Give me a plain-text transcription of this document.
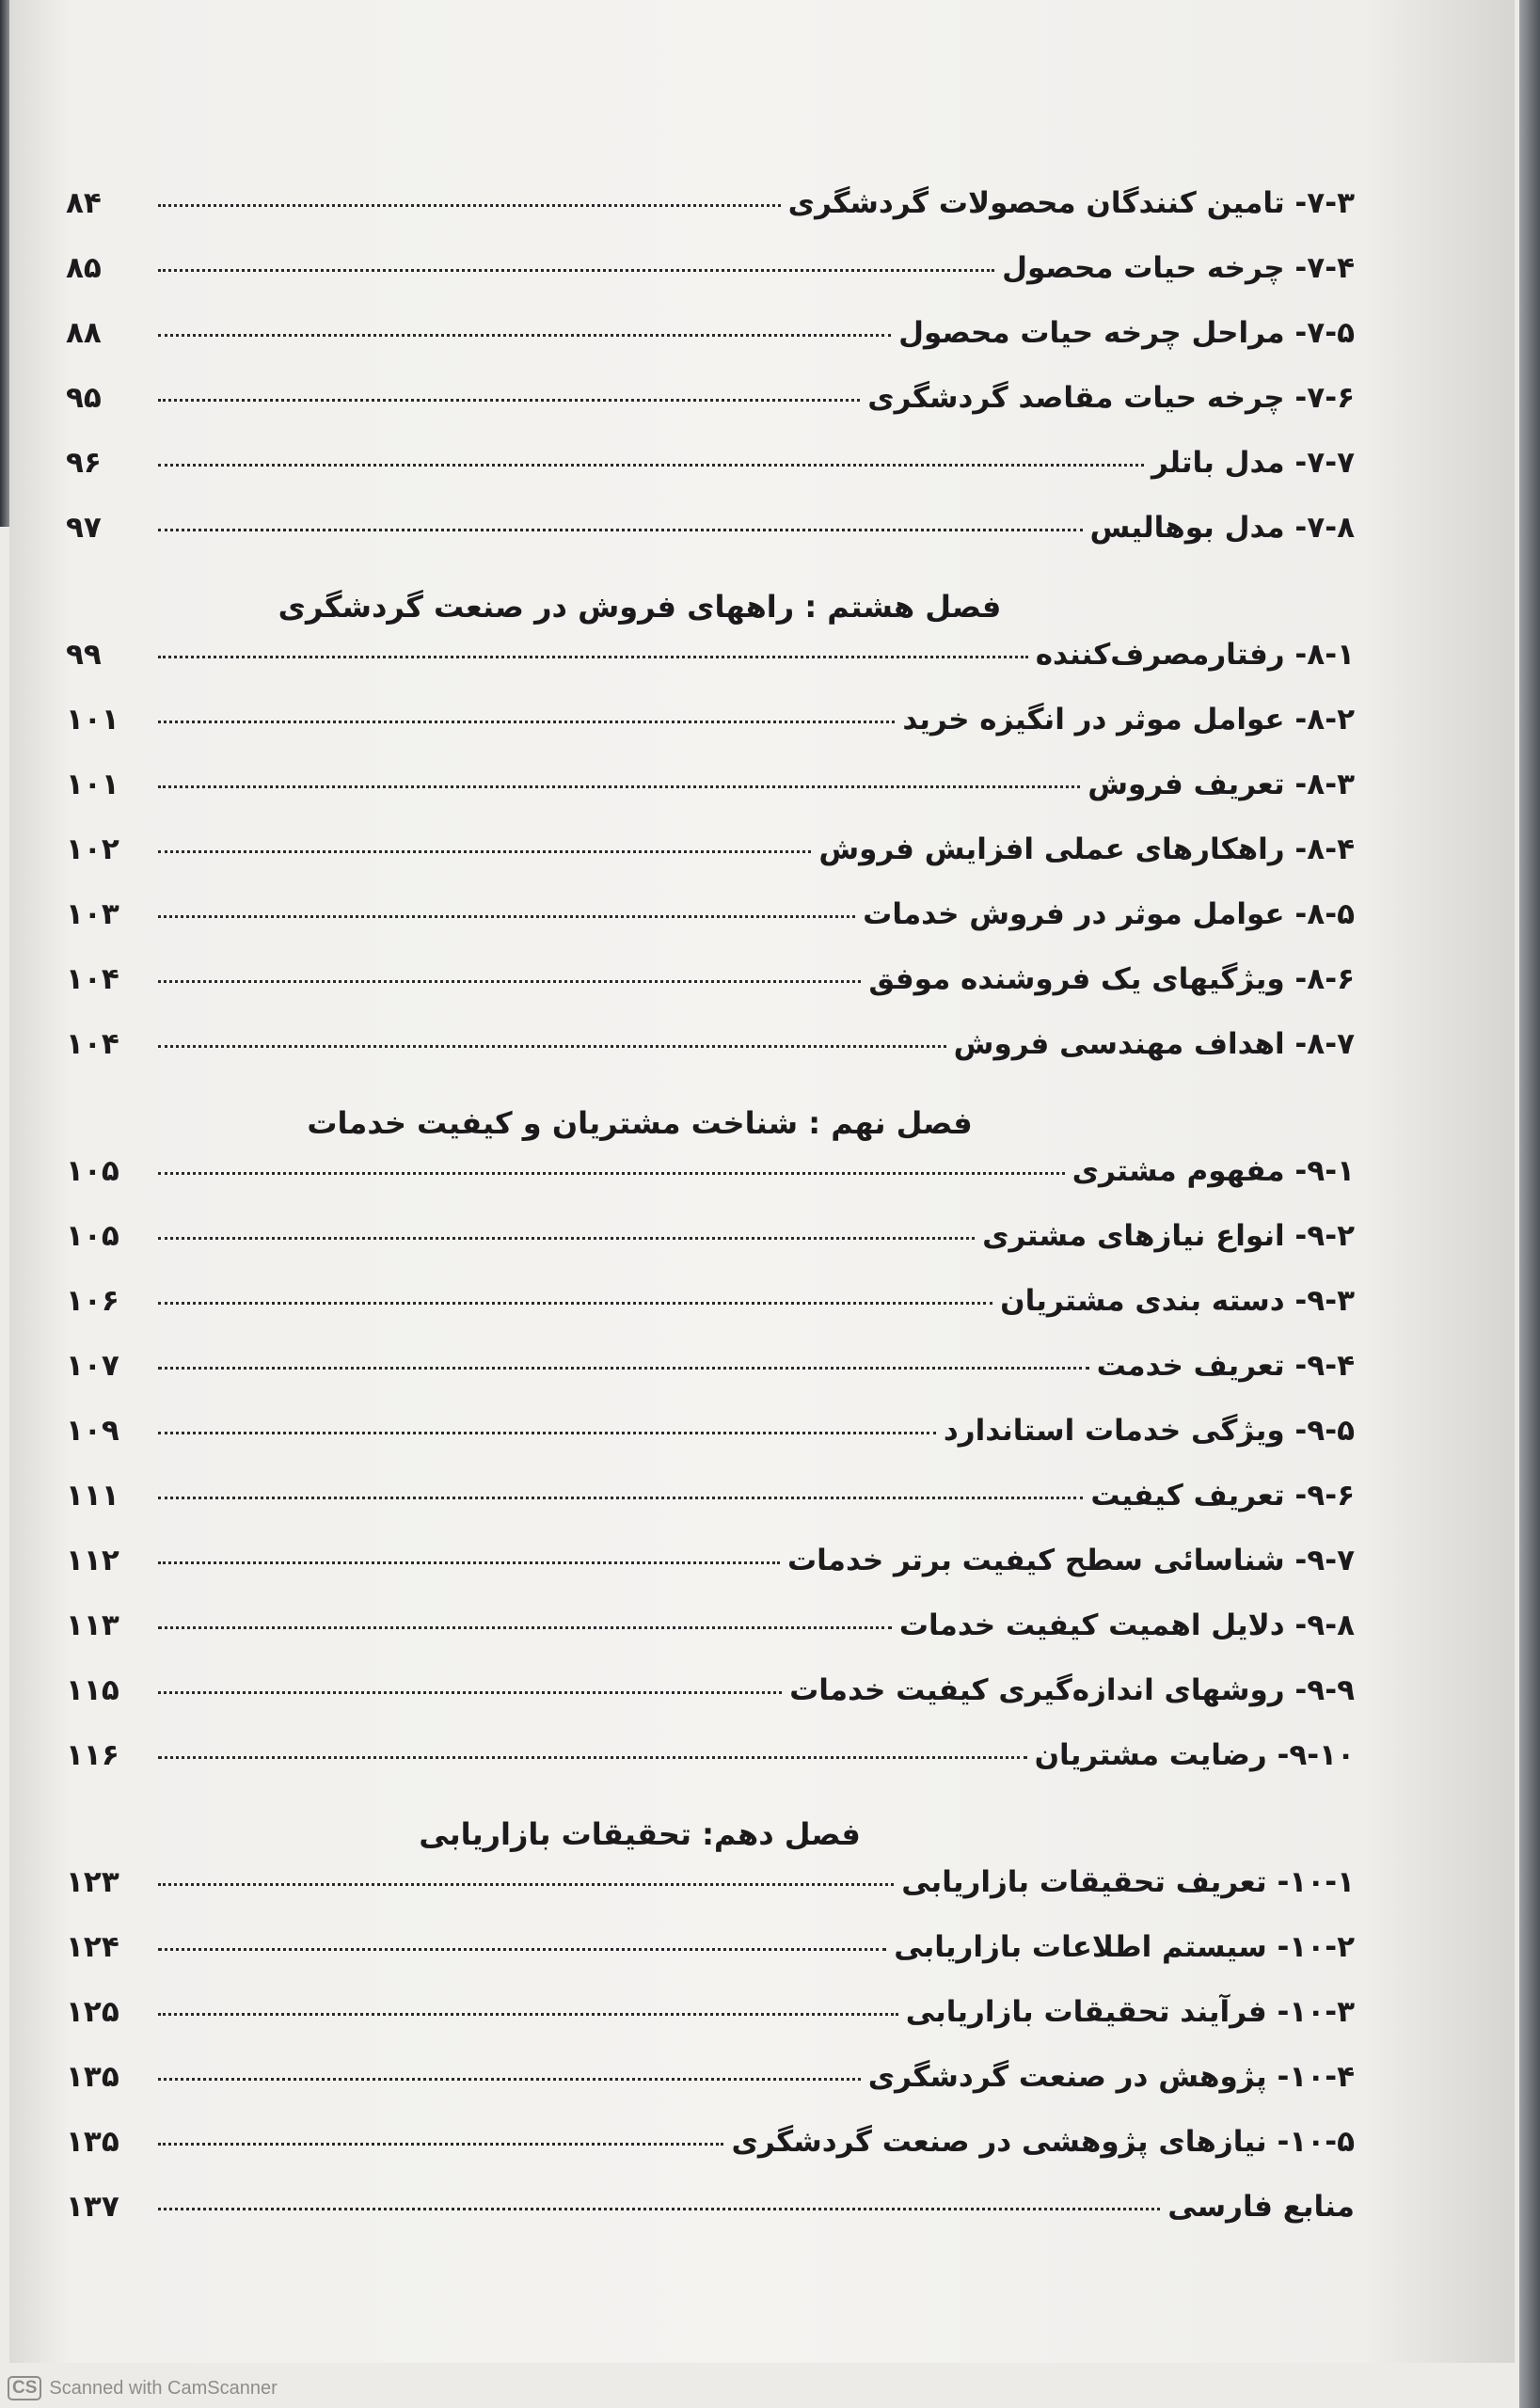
۷-۳- تامین کنندگان محصولات گردشگری
۸۴
۷-۴- چرخه حیات محصول
۸۵
۷-۵- مراحل چرخه حیات محصول
۸۸
۷-۶- چرخه حیات مقاصد گردشگری
۹۵
۷-۷- مدل باتلر
۹۶
۷-۸- مدل بوهالیس
۹۷
فصل هشتم : راههای فروش در صنعت گردشگری
۸-۱- رفتارمصرف‌کننده
۹۹
۸-۲- عوامل موثر در انگیزه خرید
۱۰۱
۸-۳- تعریف فروش
۱۰۱
۸-۴- راهکارهای عملی افزایش فروش
۱۰۲
۸-۵- عوامل موثر در فروش خدمات
۱۰۳
۸-۶- ویژگیهای یک فروشنده موفق
۱۰۴
۸-۷- اهداف مهندسی فروش
۱۰۴
فصل نهم : شناخت مشتریان و کیفیت خدمات
۹-۱- مفهوم مشتری
۱۰۵
۹-۲- انواع نیازهای مشتری
۱۰۵
۹-۳- دسته بندی مشتریان
۱۰۶
۹-۴- تعریف خدمت
۱۰۷
۹-۵- ویژگی خدمات استاندارد
۱۰۹
۹-۶- تعریف کیفیت
۱۱۱
۹-۷- شناسائی سطح کیفیت برتر خدمات
۱۱۲
۹-۸- دلایل اهمیت کیفیت خدمات
۱۱۳
۹-۹- روشهای اندازه‌گیری کیفیت خدمات
۱۱۵
۹-۱۰- رضایت مشتریان
۱۱۶
فصل دهم: تحقیقات بازاریابی
۱۰-۱- تعریف تحقیقات بازاریابی
۱۲۳
۱۰-۲- سیستم اطلاعات بازاریابی
۱۲۴
۱۰-۳- فرآیند تحقیقات بازاریابی
۱۲۵
۱۰-۴- پژوهش در صنعت گردشگری
۱۳۵
۱۰-۵- نیازهای پژوهشی در صنعت گردشگری
۱۳۵
منابع فارسی
۱۳۷
CS Scanned with CamScanner
